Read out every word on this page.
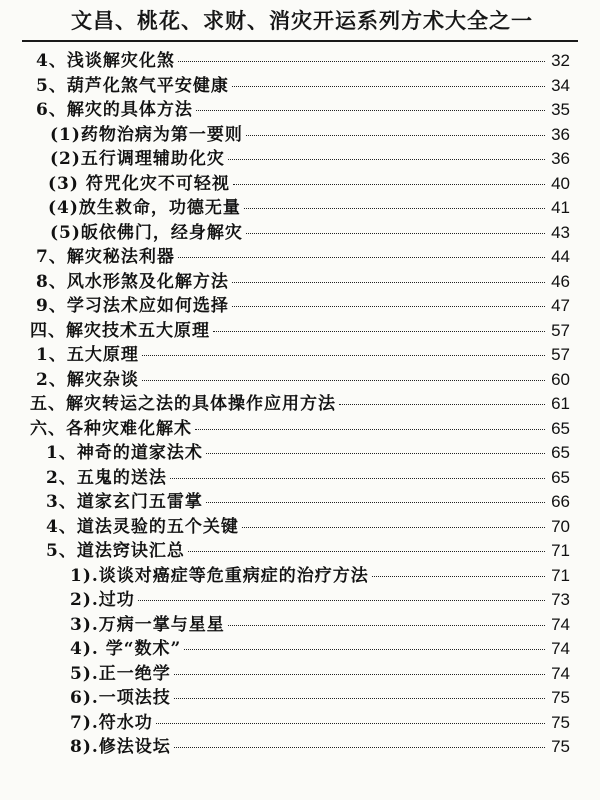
文昌、桃花、求财、消灾开运系列方术大全之一
4、浅谈解灾化煞	32
5、葫芦化煞气平安健康	34
6、解灾的具体方法	35
(1)药物治病为第一要则	36
(2)五行调理辅助化灾	36
(3) 符咒化灾不可轻视	40
(4)放生救命，功德无量	41
(5)皈依佛门，经身解灾	43
7、解灾秘法利器	44
8、风水形煞及化解方法	46
9、学习法术应如何选择	47
四、解灾技术五大原理	57
1、五大原理	57
2、解灾杂谈	60
五、解灾转运之法的具体操作应用方法	61
六、各种灾难化解术	65
1、神奇的道家法术	65
2、五鬼的送法	65
3、道家玄门五雷掌	66
4、道法灵验的五个关键	70
5、道法窍诀汇总	71
1).谈谈对癌症等危重病症的治疗方法	71
2).过功	73
3).万病一掌与星星	74
4). 学“数术”	74
5).正一绝学	74
6).一项法技	75
7).符水功	75
8).修法设坛	75
